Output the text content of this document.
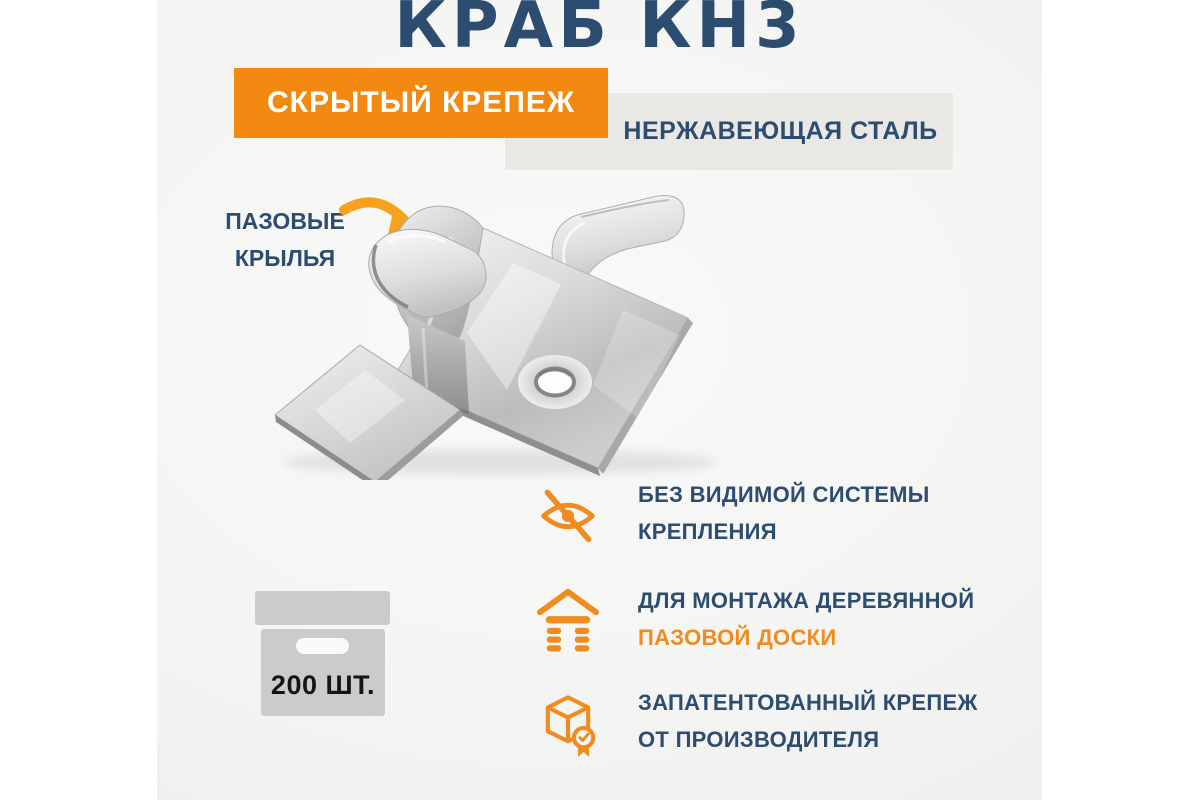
КРАБ КН3
НЕРЖАВЕЮЩАЯ СТАЛЬ
СКРЫТЫЙ КРЕПЕЖ
ПАЗОВЫЕ
КРЫЛЬЯ
БЕЗ ВИДИМОЙ СИСТЕМЫ
КРЕПЛЕНИЯ
ДЛЯ МОНТАЖА ДЕРЕВЯННОЙ
ПАЗОВОЙ ДОСКИ
ЗАПАТЕНТОВАННЫЙ КРЕПЕЖ
ОТ ПРОИЗВОДИТЕЛЯ
200 ШТ.
